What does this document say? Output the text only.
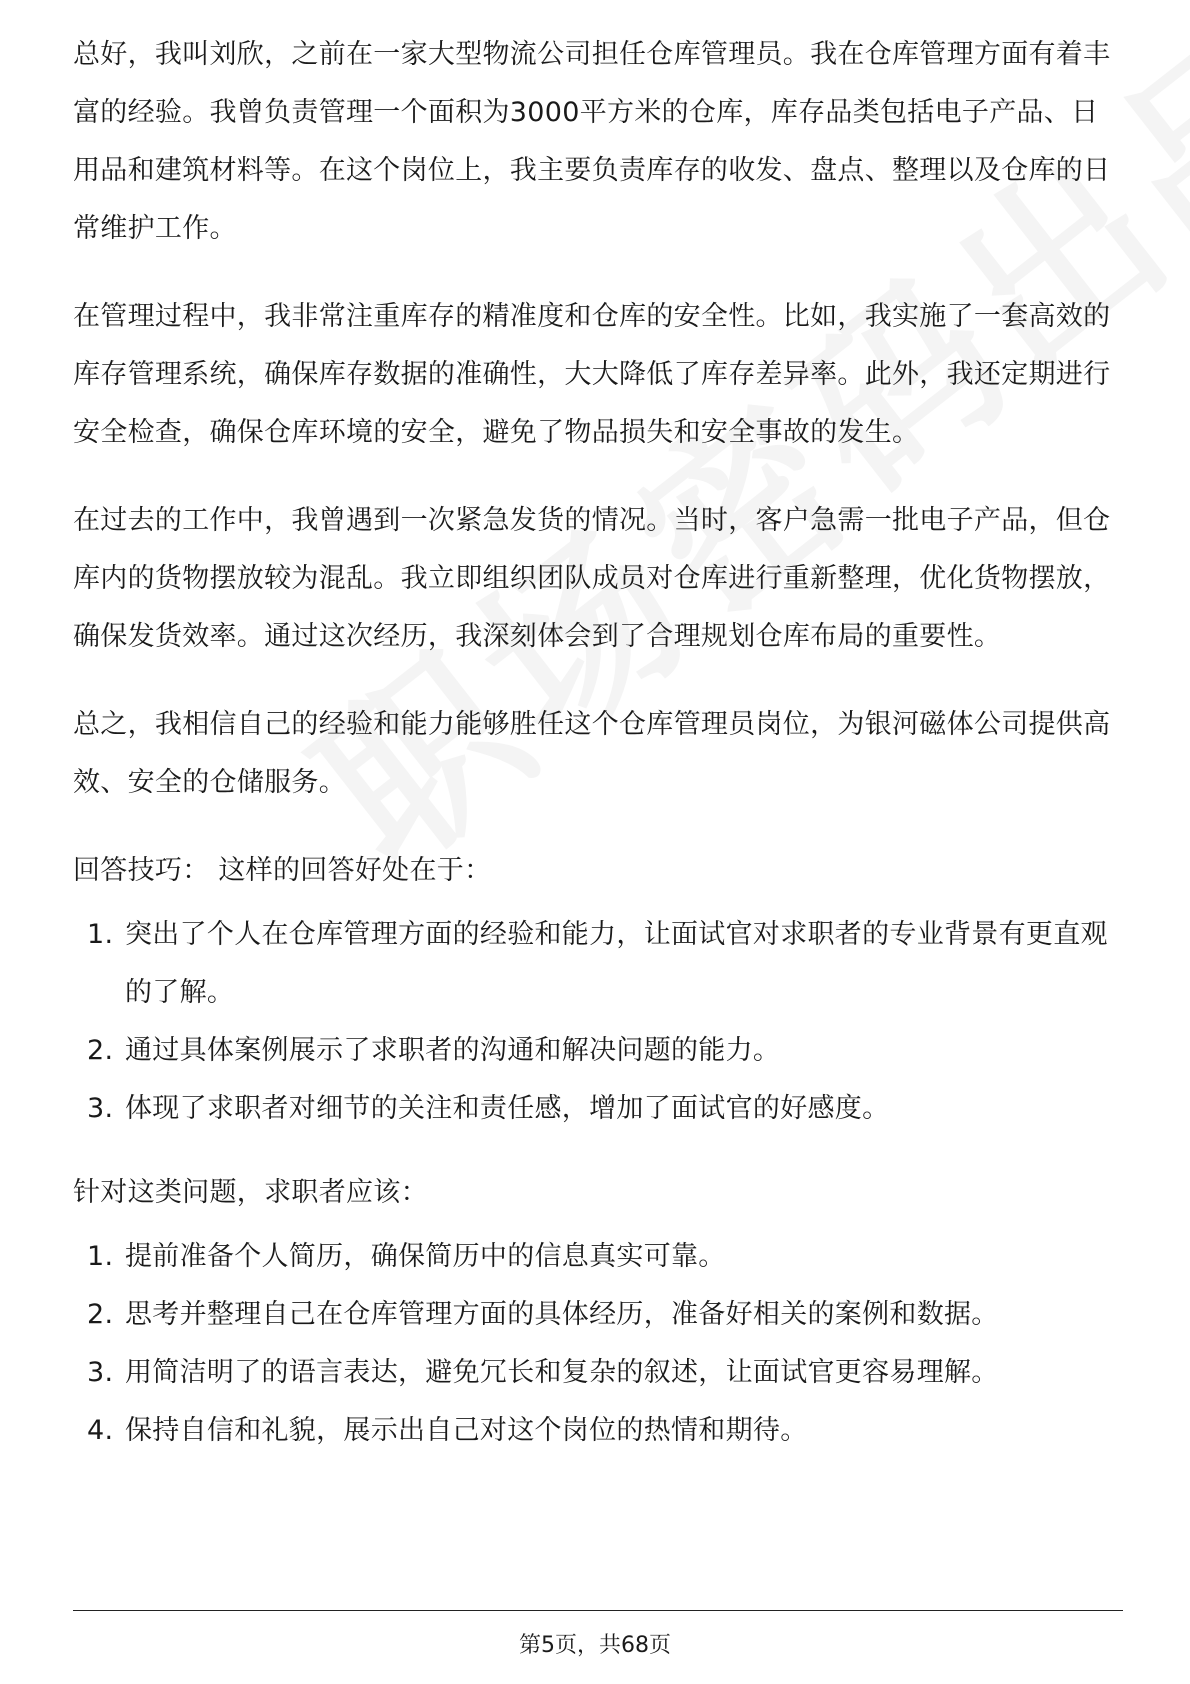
总好，我叫刘欣，之前在一家大型物流公司担任仓库管理员。我在仓库管理方面有着丰富的经验。我曾负责管理一个面积为3000平方米的仓库，库存品类包括电子产品、日用品和建筑材料等。在这个岗位上，我主要负责库存的收发、盘点、整理以及仓库的日常维护工作。

在管理过程中，我非常注重库存的精准度和仓库的安全性。比如，我实施了一套高效的库存管理系统，确保库存数据的准确性，大大降低了库存差异率。此外，我还定期进行安全检查，确保仓库环境的安全，避免了物品损失和安全事故的发生。

在过去的工作中，我曾遇到一次紧急发货的情况。当时，客户急需一批电子产品，但仓库内的货物摆放较为混乱。我立即组织团队成员对仓库进行重新整理，优化货物摆放，确保发货效率。通过这次经历，我深刻体会到了合理规划仓库布局的重要性。

总之，我相信自己的经验和能力能够胜任这个仓库管理员岗位，为银河磁体公司提供高效、安全的仓储服务。

回答技巧： 这样的回答好处在于：

1. 突出了个人在仓库管理方面的经验和能力，让面试官对求职者的专业背景有更直观的了解。
2. 通过具体案例展示了求职者的沟通和解决问题的能力。
3. 体现了求职者对细节的关注和责任感，增加了面试官的好感度。

针对这类问题，求职者应该：

1. 提前准备个人简历，确保简历中的信息真实可靠。
2. 思考并整理自己在仓库管理方面的具体经历，准备好相关的案例和数据。
3. 用简洁明了的语言表达，避免冗长和复杂的叙述，让面试官更容易理解。
4. 保持自信和礼貌，展示出自己对这个岗位的热情和期待。
第5页，共68页
